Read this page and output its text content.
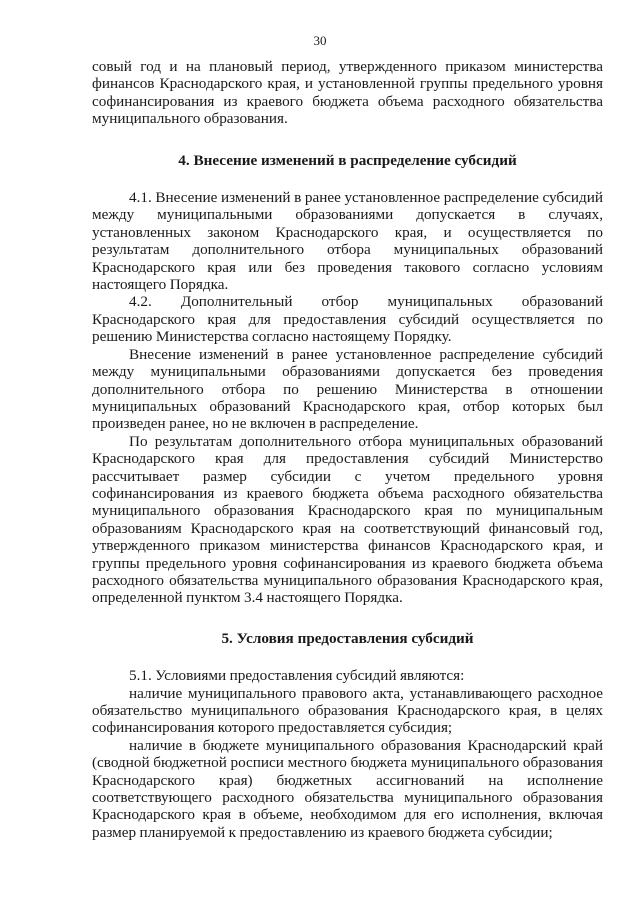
30

совый год и на плановый период, утвержденного приказом министерства финансов Краснодарского края, и установленной группы предельного уровня софинансирования из краевого бюджета объема расходного обязательства муниципального образования.

4. Внесение изменений в распределение субсидий

4.1. Внесение изменений в ранее установленное распределение субсидий между муниципальными образованиями допускается в случаях, установленных законом Краснодарского края, и осуществляется по результатам дополнительного отбора муниципальных образований Краснодарского края или без проведения такового согласно условиям настоящего Порядка.

4.2. Дополнительный отбор муниципальных образований Краснодарского края для предоставления субсидий осуществляется по решению Министерства согласно настоящему Порядку.

Внесение изменений в ранее установленное распределение субсидий между муниципальными образованиями допускается без проведения дополнительного отбора по решению Министерства в отношении муниципальных образований Краснодарского края, отбор которых был произведен ранее, но не включен в распределение.

По результатам дополнительного отбора муниципальных образований Краснодарского края для предоставления субсидий Министерство рассчитывает размер субсидии с учетом предельного уровня софинансирования из краевого бюджета объема расходного обязательства муниципального образования Краснодарского края по муниципальным образованиям Краснодарского края на соответствующий финансовый год, утвержденного приказом министерства финансов Краснодарского края, и группы предельного уровня софинансирования из краевого бюджета объема расходного обязательства муниципального образования Краснодарского края, определенной пунктом 3.4 настоящего Порядка.

5. Условия предоставления субсидий

5.1. Условиями предоставления субсидий являются:

наличие муниципального правового акта, устанавливающего расходное обязательство муниципального образования Краснодарского края, в целях софинансирования которого предоставляется субсидия;

наличие в бюджете муниципального образования Краснодарский край (сводной бюджетной росписи местного бюджета муниципального образования Краснодарского края) бюджетных ассигнований на исполнение соответствующего расходного обязательства муниципального образования Краснодарского края в объеме, необходимом для его исполнения, включая размер планируемой к предоставлению из краевого бюджета субсидии;
